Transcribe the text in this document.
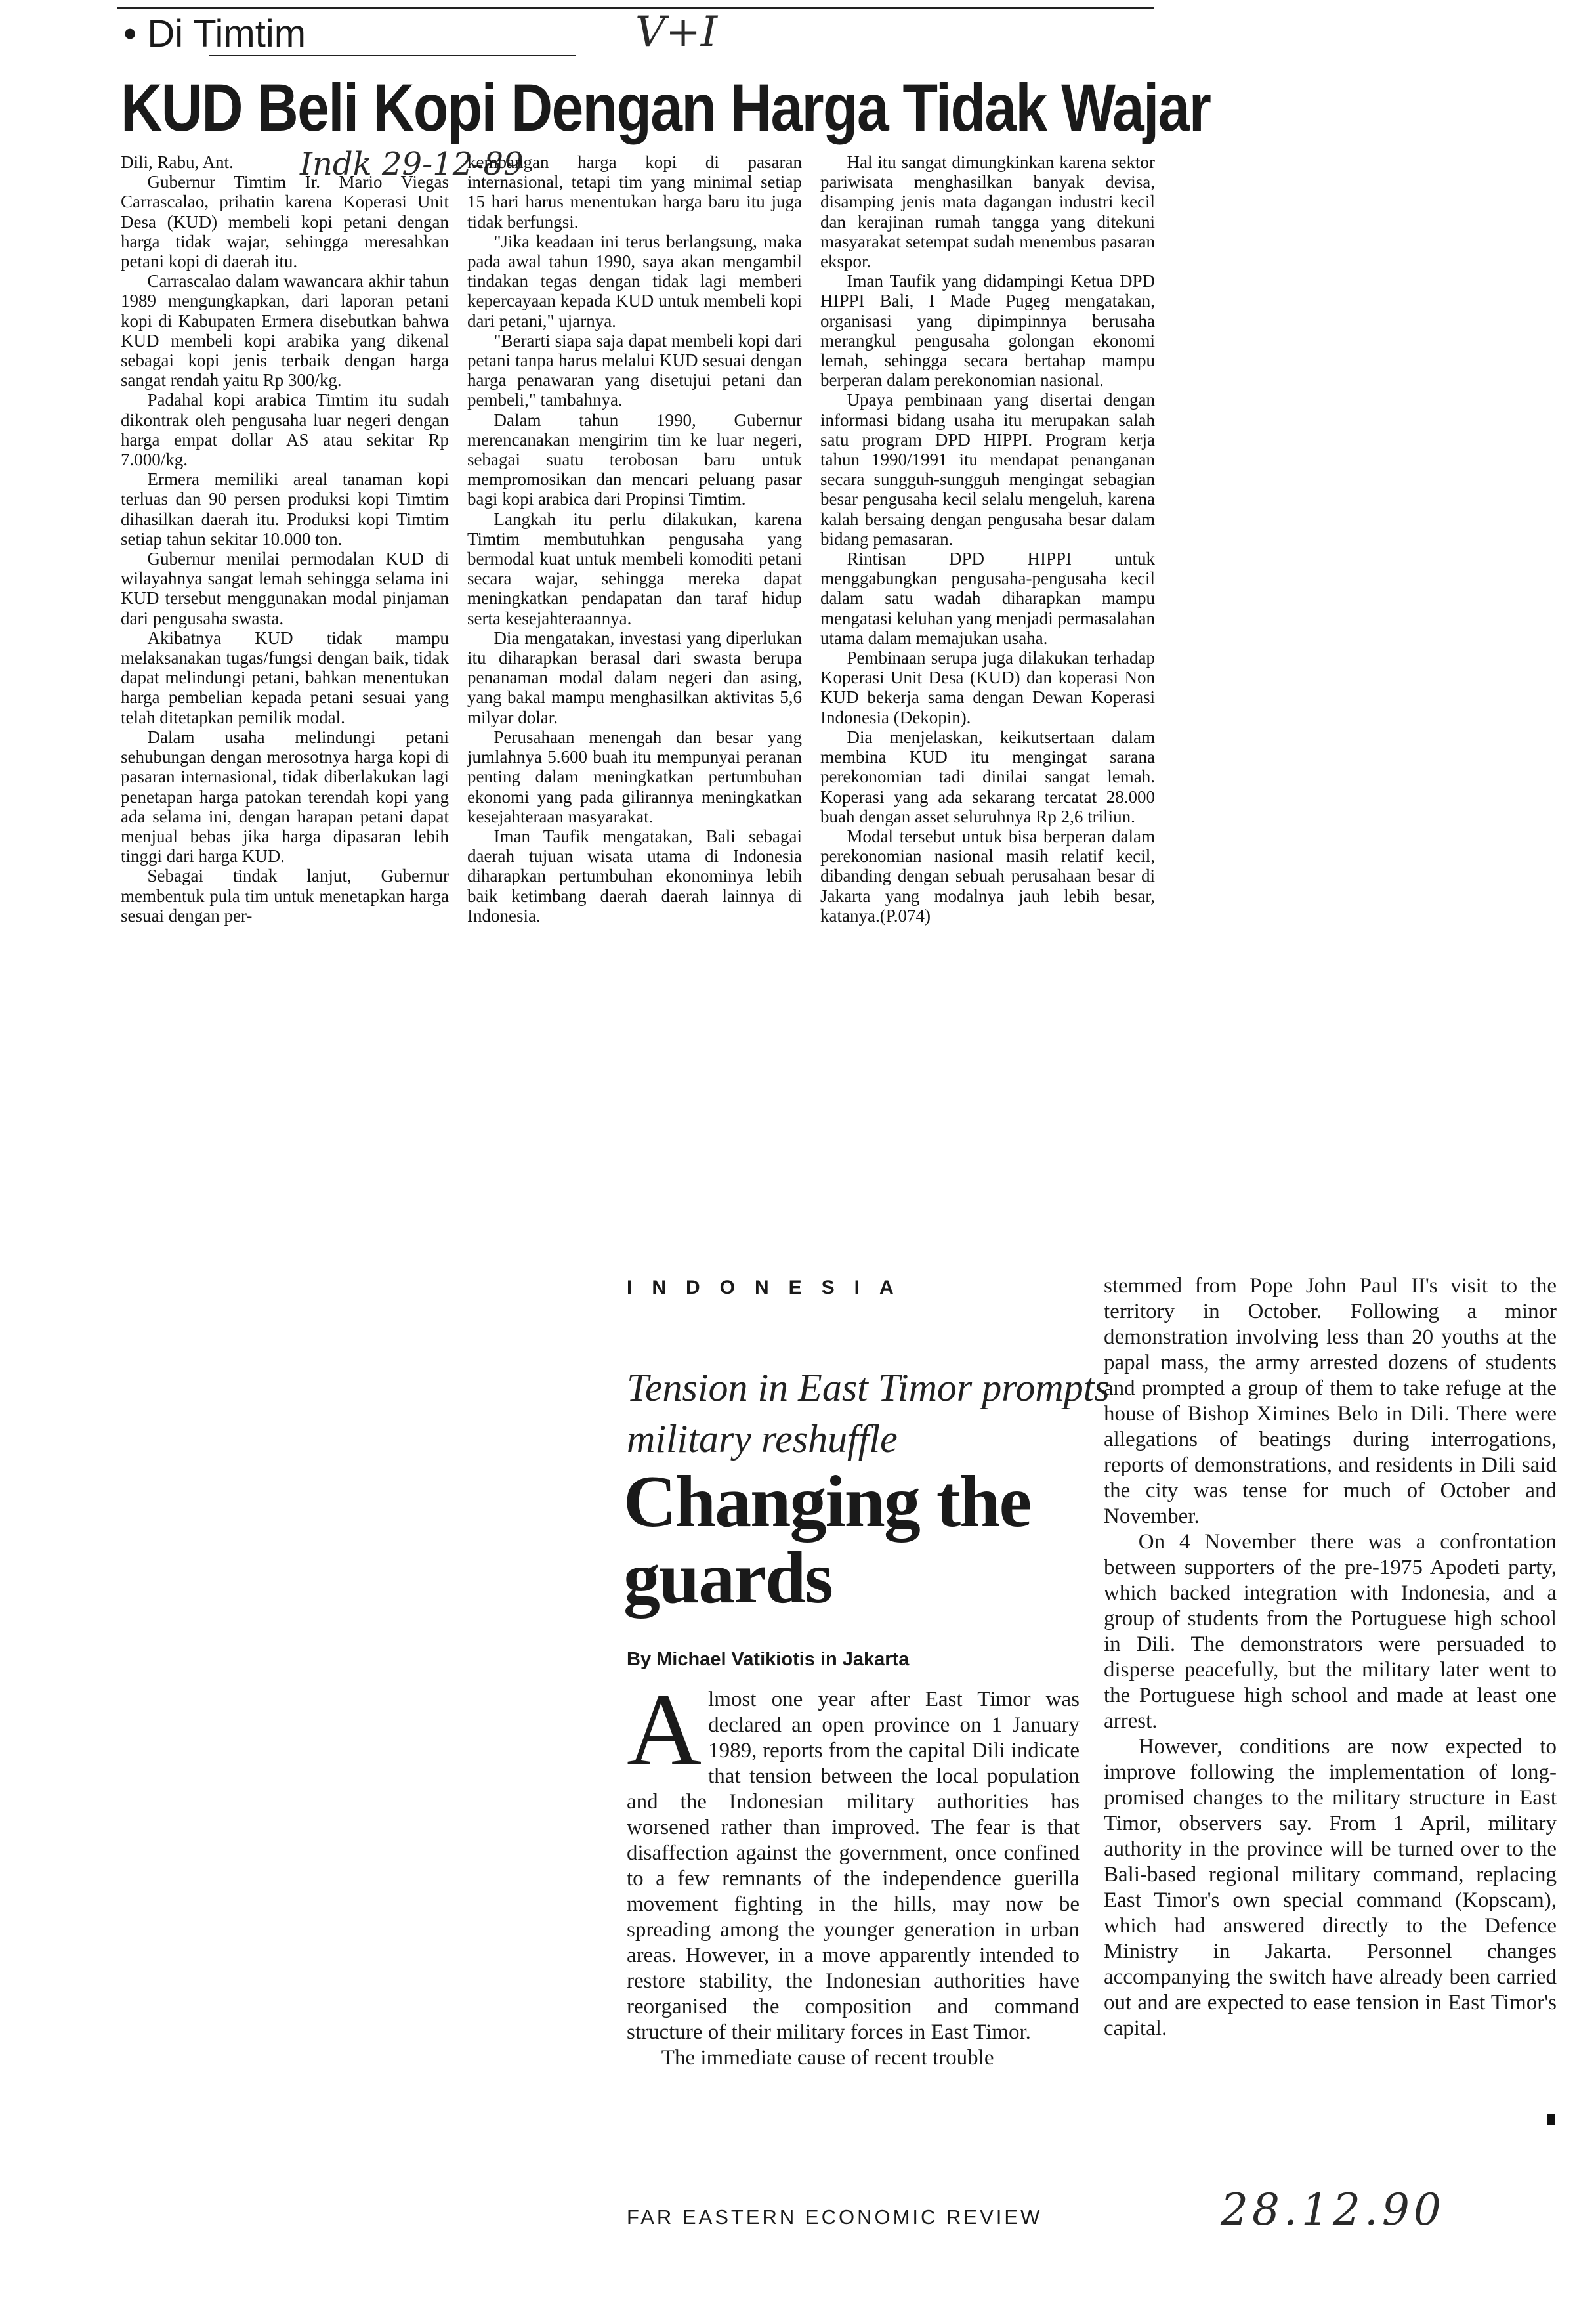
• Di Timtim	V+I
KUD Beli Kopi Dengan Harga Tidak Wajar

Dili, Rabu, Ant.

Gubernur Timtim Ir. Mario Viegas Carrascalao, prihatin karena Koperasi Unit Desa (KUD) membeli kopi petani dengan harga tidak wajar, sehingga meresahkan petani kopi di daerah itu.

Carrascalao dalam wawancara akhir tahun 1989 mengungkapkan, dari laporan petani kopi di Kabupaten Ermera disebutkan bahwa KUD membeli kopi arabika yang dikenal sebagai kopi jenis terbaik dengan harga sangat rendah yaitu Rp 300/kg.

Padahal kopi arabica Timtim itu sudah dikontrak oleh pengusaha luar negeri dengan harga empat dollar AS atau sekitar Rp 7.000/kg.

Ermera memiliki areal tanaman kopi terluas dan 90 persen produksi kopi Timtim dihasilkan daerah itu. Produksi kopi Timtim setiap tahun sekitar 10.000 ton.

Gubernur menilai permodalan KUD di wilayahnya sangat lemah sehingga selama ini KUD tersebut menggunakan modal pinjaman dari pengusaha swasta.

Akibatnya KUD tidak mampu melaksanakan tugas/fungsi dengan baik, tidak dapat melindungi petani, bahkan menentukan harga pembelian kepada petani sesuai yang telah ditetapkan pemilik modal.

Dalam usaha melindungi petani sehubungan dengan merosotnya harga kopi di pasaran internasional, tidak diberlakukan lagi penetapan harga patokan terendah kopi yang ada selama ini, dengan harapan petani dapat menjual bebas jika harga dipasaran lebih tinggi dari harga KUD.

Sebagai tindak lanjut, Gubernur membentuk pula tim untuk menetapkan harga sesuai dengan per-

Indk 29-12-89

kembangan harga kopi di pasaran internasional, tetapi tim yang minimal setiap 15 hari harus menentukan harga baru itu juga tidak berfungsi.

"Jika keadaan ini terus berlangsung, maka pada awal tahun 1990, saya akan mengambil tindakan tegas dengan tidak lagi memberi kepercayaan kepada KUD untuk membeli kopi dari petani," ujarnya.

"Berarti siapa saja dapat membeli kopi dari petani tanpa harus melalui KUD sesuai dengan harga penawaran yang disetujui petani dan pembeli," tambahnya.

Dalam tahun 1990, Gubernur merencanakan mengirim tim ke luar negeri, sebagai suatu terobosan baru untuk mempromosikan dan mencari peluang pasar bagi kopi arabica dari Propinsi Timtim.

Langkah itu perlu dilakukan, karena Timtim membutuhkan pengusaha yang bermodal kuat untuk membeli komoditi petani secara wajar, sehingga mereka dapat meningkatkan pendapatan dan taraf hidup serta kesejahteraannya.

Dia mengatakan, investasi yang diperlukan itu diharapkan berasal dari swasta berupa penanaman modal dalam negeri dan asing, yang bakal mampu menghasilkan aktivitas 5,6 milyar dolar.

Perusahaan menengah dan besar yang jumlahnya 5.600 buah itu mempunyai peranan penting dalam meningkatkan pertumbuhan ekonomi yang pada gilirannya meningkatkan kesejahteraan masyarakat.

Iman Taufik mengatakan, Bali sebagai daerah tujuan wisata utama di Indonesia diharapkan pertumbuhan ekonominya lebih baik ketimbang daerah daerah lainnya di Indonesia.

Hal itu sangat dimungkinkan karena sektor pariwisata menghasilkan banyak devisa, disamping jenis mata dagangan industri kecil dan kerajinan rumah tangga yang ditekuni masyarakat setempat sudah menembus pasaran ekspor.

Iman Taufik yang didampingi Ketua DPD HIPPI Bali, I Made Pugeg mengatakan, organisasi yang dipimpinnya berusaha merangkul pengusaha golongan ekonomi lemah, sehingga secara bertahap mampu berperan dalam perekonomian nasional.

Upaya pembinaan yang disertai dengan informasi bidang usaha itu merupakan salah satu program DPD HIPPI. Program kerja tahun 1990/1991 itu mendapat penanganan secara sungguh-sungguh mengingat sebagian besar pengusaha kecil selalu mengeluh, karena kalah bersaing dengan pengusaha besar dalam bidang pemasaran.

Rintisan DPD HIPPI untuk menggabungkan pengusaha-pengusaha kecil dalam satu wadah diharapkan mampu mengatasi keluhan yang menjadi permasalahan utama dalam memajukan usaha.

Pembinaan serupa juga dilakukan terhadap Koperasi Unit Desa (KUD) dan koperasi Non KUD bekerja sama dengan Dewan Koperasi Indonesia (Dekopin).

Dia menjelaskan, keikutsertaan dalam membina KUD itu mengingat sarana perekonomian tadi dinilai sangat lemah. Koperasi yang ada sekarang tercatat 28.000 buah dengan asset seluruhnya Rp 2,6 triliun.

Modal tersebut untuk bisa berperan dalam perekonomian nasional masih relatif kecil, dibanding dengan sebuah perusahaan besar di Jakarta yang modalnya jauh lebih besar, katanya.(P.074)

INDONESIA
Tension in East Timor prompts military reshuffle
Changing the guards
By Michael Vatikiotis in Jakarta

Almost one year after East Timor was declared an open province on 1 January 1989, reports from the capital Dili indicate that tension between the local population and the Indonesian military authorities has worsened rather than improved. The fear is that disaffection against the government, once confined to a few remnants of the independence guerilla movement fighting in the hills, may now be spreading among the younger generation in urban areas. However, in a move apparently intended to restore stability, the Indonesian authorities have reorganised the composition and command structure of their military forces in East Timor.

The immediate cause of recent trouble

stemmed from Pope John Paul II's visit to the territory in October. Following a minor demonstration involving less than 20 youths at the papal mass, the army arrested dozens of students and prompted a group of them to take refuge at the house of Bishop Ximines Belo in Dili. There were allegations of beatings during interrogations, reports of demonstrations, and residents in Dili said the city was tense for much of October and November.

On 4 November there was a confrontation between supporters of the pre-1975 Apodeti party, which backed integration with Indonesia, and a group of students from the Portuguese high school in Dili. The demonstrators were persuaded to disperse peacefully, but the military later went to the Portuguese high school and made at least one arrest.

However, conditions are now expected to improve following the implementation of long-promised changes to the military structure in East Timor, observers say. From 1 April, military authority in the province will be turned over to the Bali-based regional military command, replacing East Timor's own special command (Kopscam), which had answered directly to the Defence Ministry in Jakarta. Personnel changes accompanying the switch have already been carried out and are expected to ease tension in East Timor's capital.

FAR EASTERN ECONOMIC REVIEW	28.12.90
